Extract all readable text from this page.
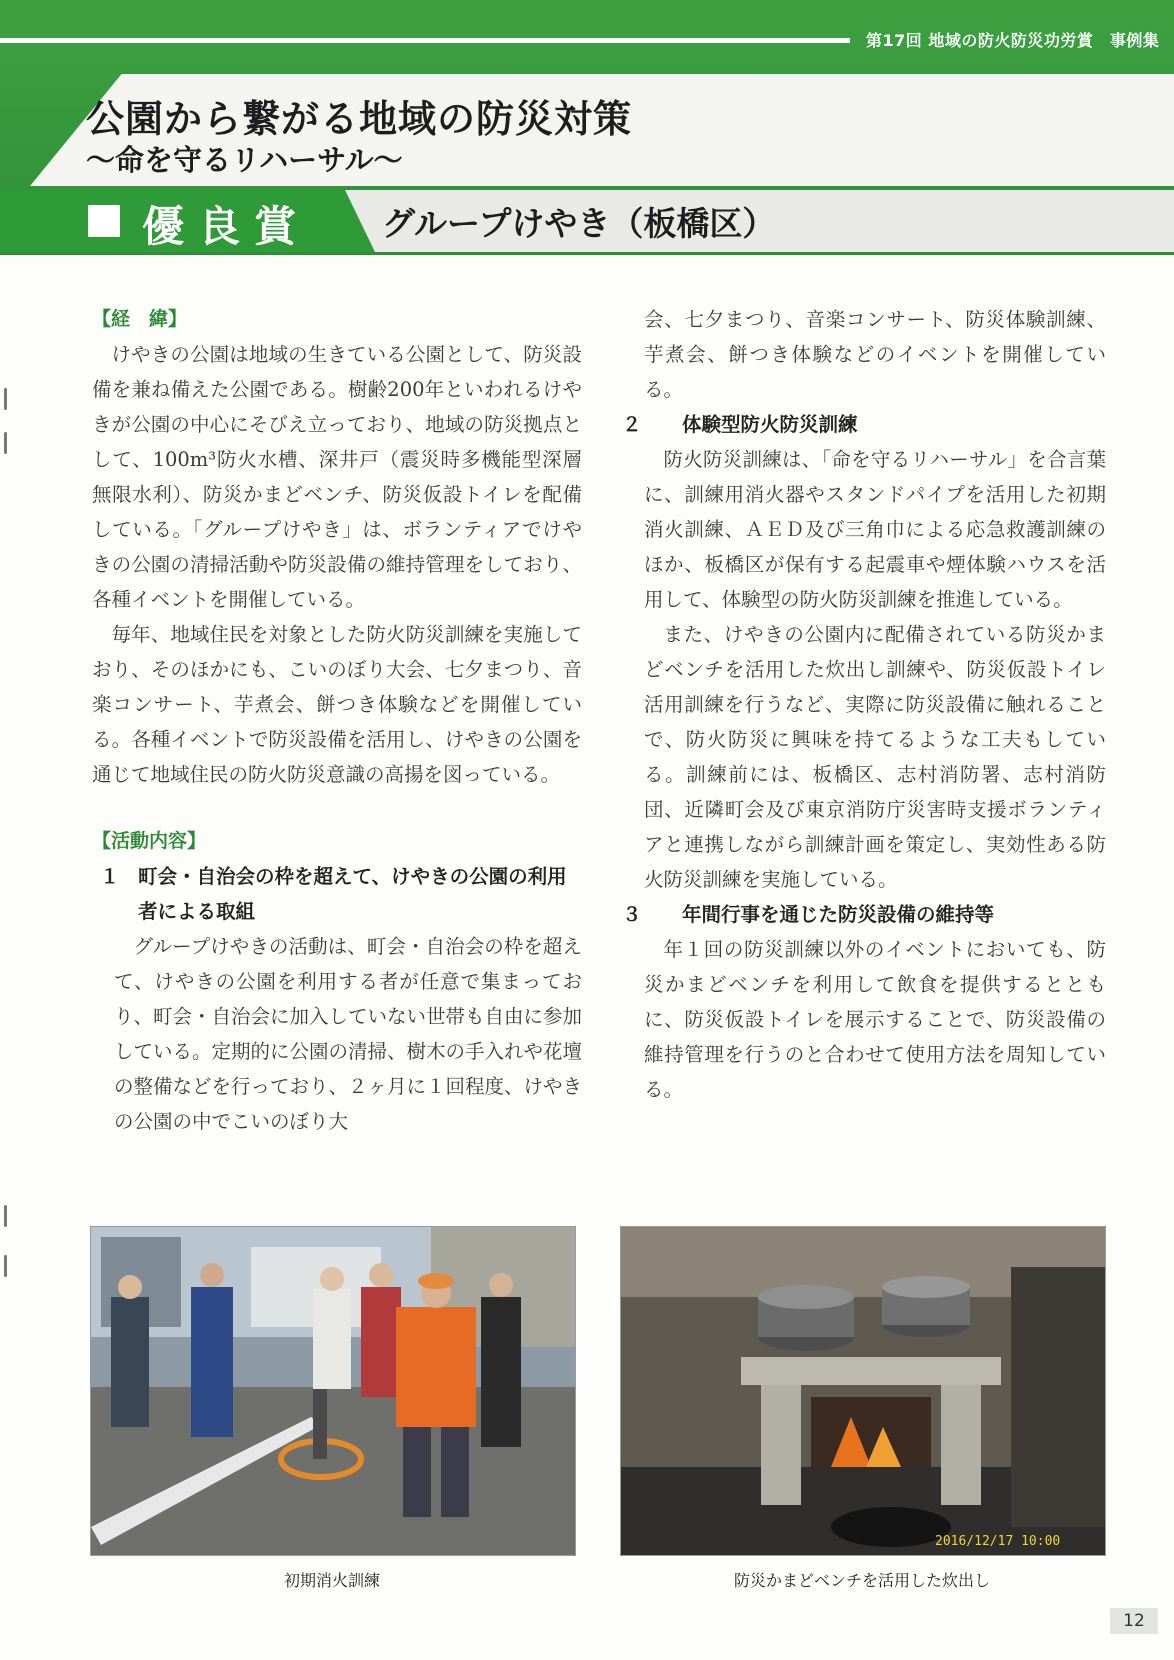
第17回 地域の防火防災功労賞　事例集
公園から繋がる地域の防災対策
〜命を守るリハーサル〜
優良賞 グループけやき（板橋区）
【経　緯】

けやきの公園は地域の生きている公園として、防災設備を兼ね備えた公園である。樹齢200年といわれるけやきが公園の中心にそびえ立っており、地域の防災拠点として、100m³防火水槽、深井戸（震災時多機能型深層無限水利）、防災かまどベンチ、防災仮設トイレを配備している。「グループけやき」は、ボランティアでけやきの公園の清掃活動や防災設備の維持管理をしており、各種イベントを開催している。

毎年、地域住民を対象とした防火防災訓練を実施しており、そのほかにも、こいのぼり大会、七夕まつり、音楽コンサート、芋煮会、餅つき体験などを開催している。各種イベントで防災設備を活用し、けやきの公園を通じて地域住民の防火防災意識の高揚を図っている。

【活動内容】
１ 町会・自治会の枠を超えて、けやきの公園の利用者による取組

グループけやきの活動は、町会・自治会の枠を超えて、けやきの公園を利用する者が任意で集まっており、町会・自治会に加入していない世帯も自由に参加している。定期的に公園の清掃、樹木の手入れや花壇の整備などを行っており、２ヶ月に１回程度、けやきの公園の中でこいのぼり大

会、七夕まつり、音楽コンサート、防災体験訓練、芋煮会、餅つき体験などのイベントを開催している。

２	体験型防火防災訓練

防火防災訓練は、「命を守るリハーサル」を合言葉に、訓練用消火器やスタンドパイプを活用した初期消火訓練、ＡＥＤ及び三角巾による応急救護訓練のほか、板橋区が保有する起震車や煙体験ハウスを活用して、体験型の防火防災訓練を推進している。

また、けやきの公園内に配備されている防災かまどベンチを活用した炊出し訓練や、防災仮設トイレ活用訓練を行うなど、実際に防災設備に触れることで、防火防災に興味を持てるような工夫もしている。訓練前には、板橋区、志村消防署、志村消防団、近隣町会及び東京消防庁災害時支援ボランティアと連携しながら訓練計画を策定し、実効性ある防火防災訓練を実施している。

３	年間行事を通じた防災設備の維持等

年１回の防災訓練以外のイベントにおいても、防災かまどベンチを利用して飲食を提供するとともに、防災仮設トイレを展示することで、防災設備の維持管理を行うのと合わせて使用方法を周知している。

初期消火訓練
2016/12/17 10:00
防災かまどベンチを活用した炊出し
12
